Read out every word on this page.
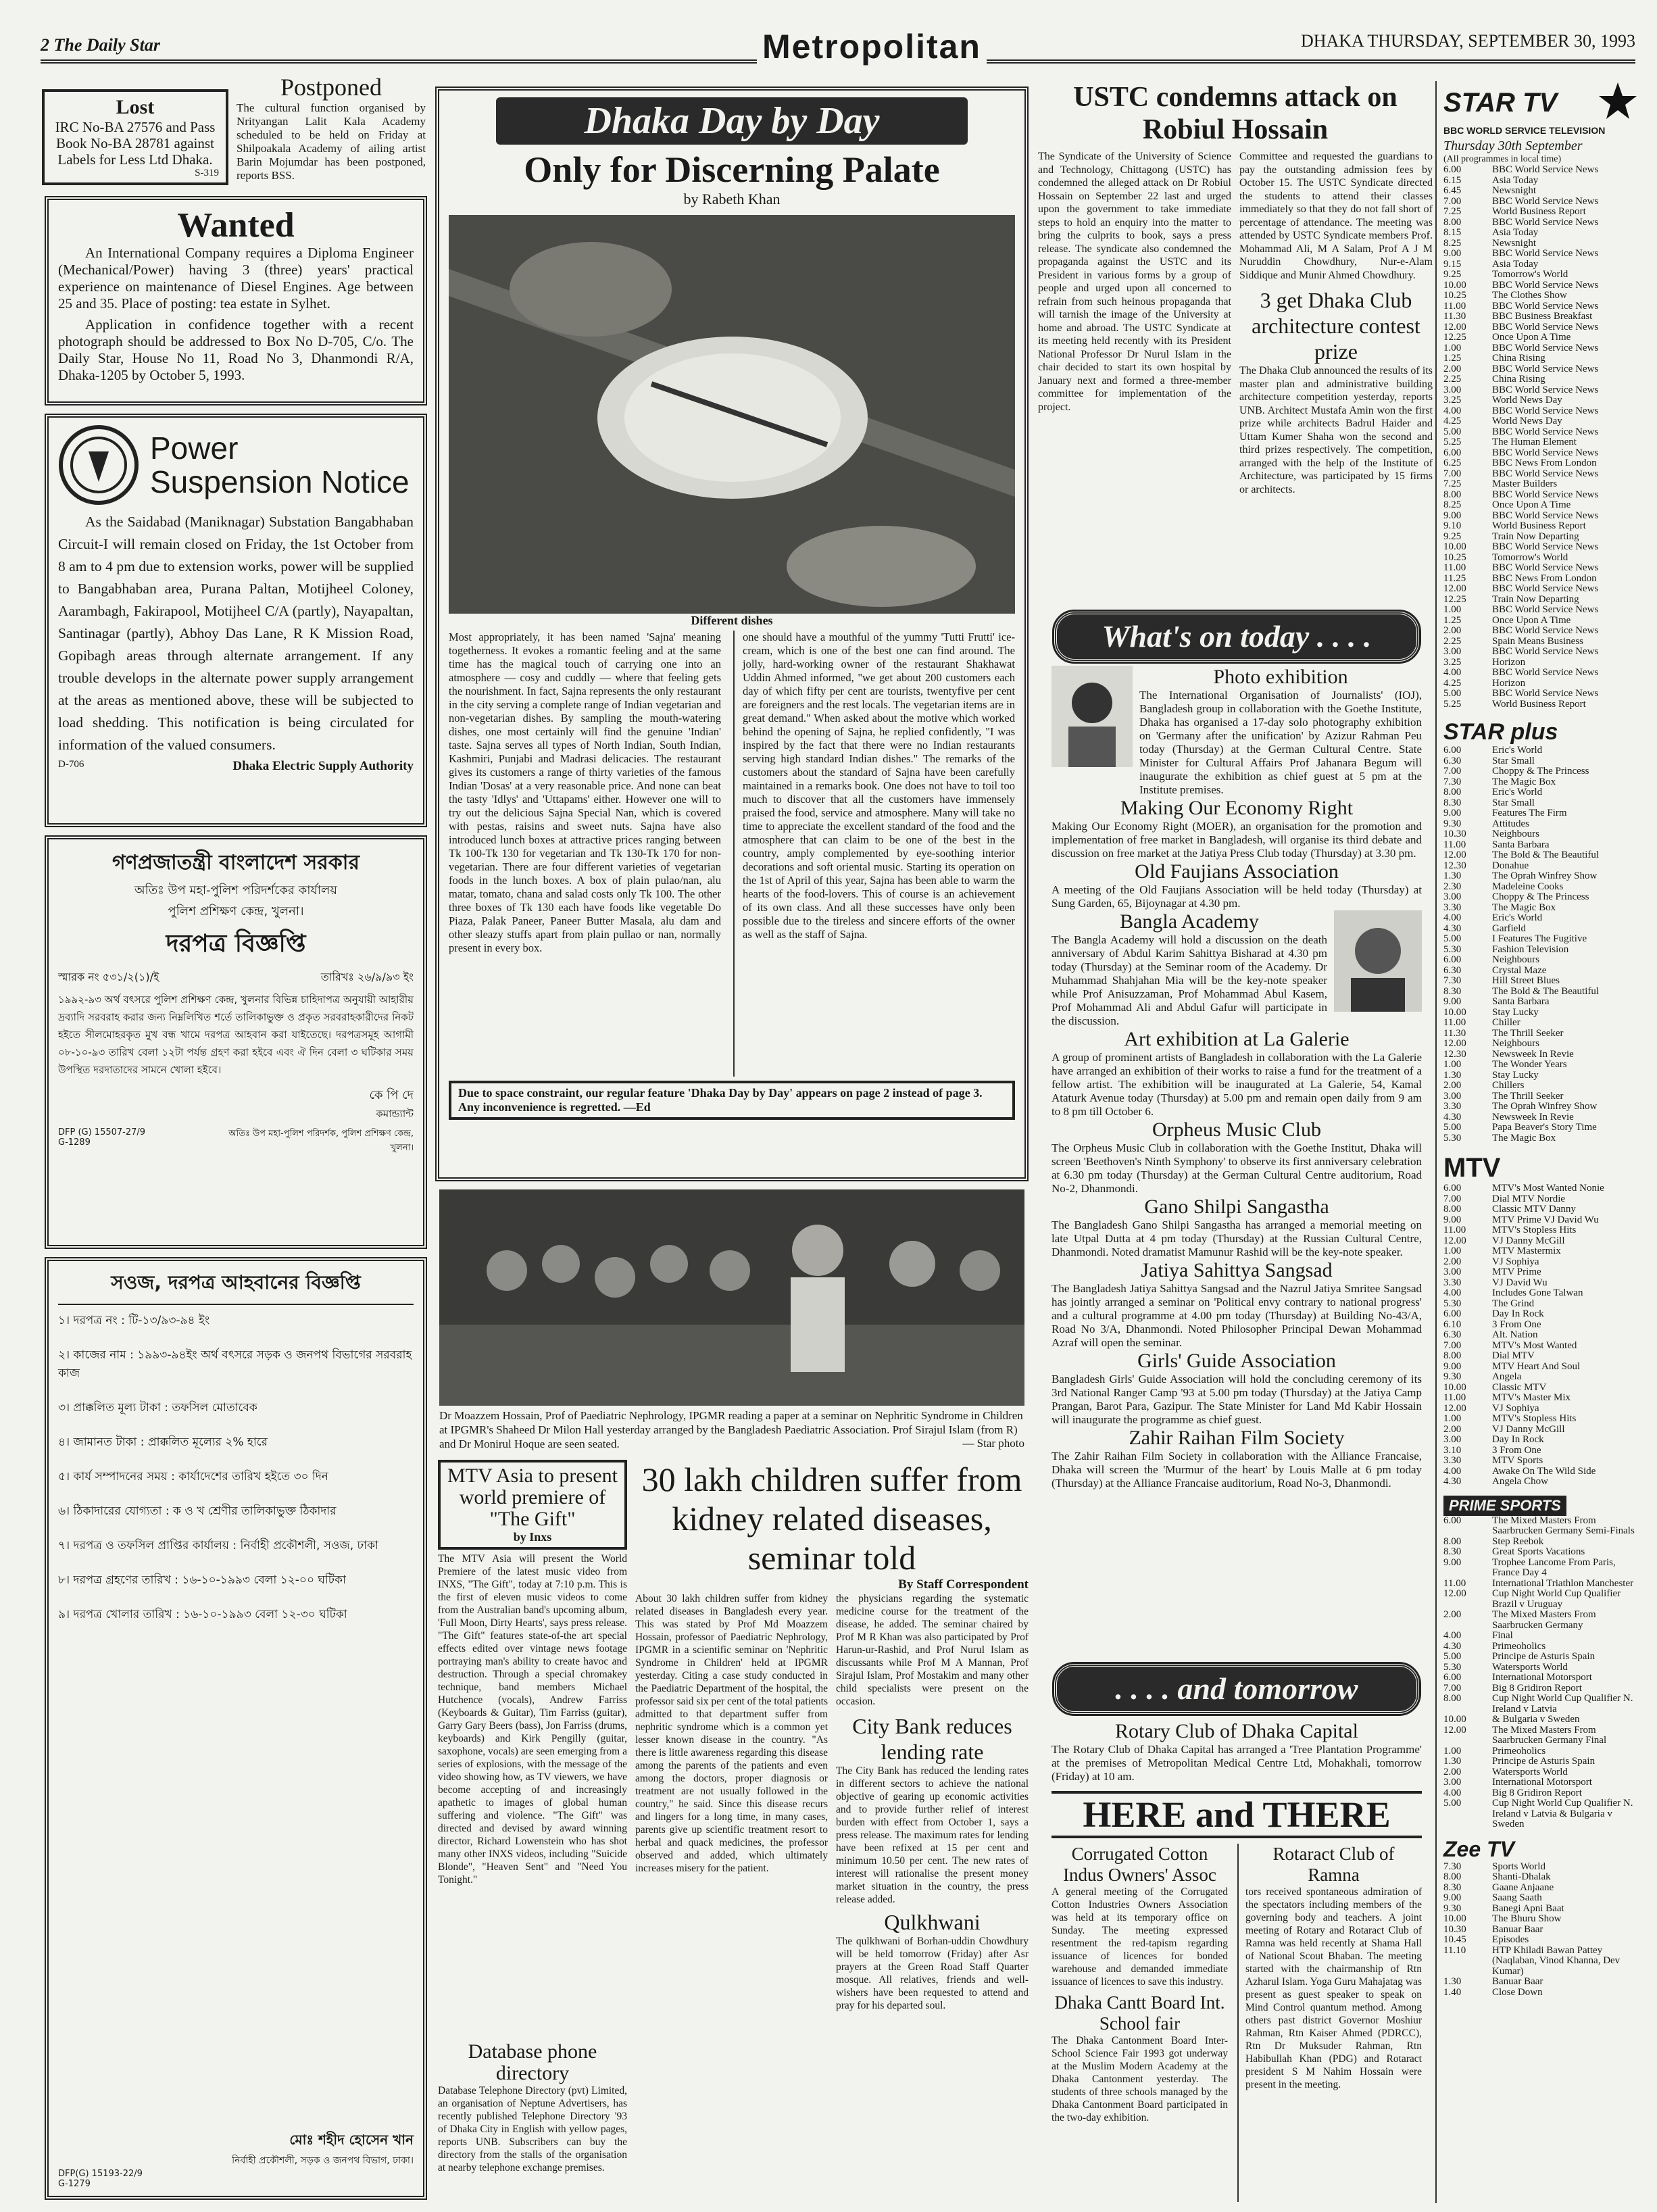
2 The Daily Star	Metropolitan	DHAKA THURSDAY, SEPTEMBER 30, 1993
Lost
IRC No-BA 27576 and Pass Book No-BA 28781 against Labels for Less Ltd Dhaka.
S-319
Postponed
The cultural function organised by Nrityangan Lalit Kala Academy scheduled to be held on Friday at Shilpoakala Academy of ailing artist Barin Mojumdar has been postponed, reports BSS.
Wanted
An International Company requires a Diploma Engineer (Mechanical/Power) having 3 (three) years' practical experience on maintenance of Diesel Engines. Age between 25 and 35. Place of posting: tea estate in Sylhet.
Application in confidence together with a recent photograph should be addressed to Box No D-705, C/o. The Daily Star, House No 11, Road No 3, Dhanmondi R/A, Dhaka-1205 by October 5, 1993.
Power
Suspension Notice
As the Saidabad (Maniknagar) Substation Bangabhaban Circuit-I will remain closed on Friday, the 1st October from 8 am to 4 pm due to extension works, power will be supplied to Bangabhaban area, Purana Paltan, Motijheel Coloney, Aarambagh, Fakirapool, Motijheel C/A (partly), Nayapaltan, Santinagar (partly), Abhoy Das Lane, R K Mission Road, Gopibagh areas through alternate arrangement. If any trouble develops in the alternate power supply arrangement at the areas as mentioned above, these will be subjected to load shedding. This notification is being circulated for information of the valued consumers.
D-706	Dhaka Electric Supply Authority
গণপ্রজাতন্ত্রী বাংলাদেশ সরকার
অতিঃ উপ মহা-পুলিশ পরিদর্শকের কার্যালয়
পুলিশ প্রশিক্ষণ কেন্দ্র, খুলনা।
দরপত্র বিজ্ঞপ্তি
স্মারক নং ৫৩১/২(১)/ই	তারিখঃ ২৬/৯/৯৩ ইং
১৯৯২-৯৩ অর্থ বৎসরে পুলিশ প্রশিক্ষণ কেন্দ্র, খুলনার বিভিন্ন চাহিদাপত্র অনুযায়ী আহারীয় দ্রব্যাদি সরবরাহ করার জন্য নিম্নলিখিত শর্তে তালিকাভুক্ত ও প্রকৃত সরবরাহকারীদের নিকট হইতে সীলমোহরকৃত মুখ বন্ধ খামে দরপত্র আহবান করা যাইতেছে। দরপত্রসমূহ আগামী ০৮-১০-৯৩ তারিখ বেলা ১২টা পর্যন্ত গ্রহণ করা হইবে এবং ঐ দিন বেলা ৩ ঘটিকার সময় উপস্থিত দরদাতাদের সামনে খোলা হইবে।
কে পি দে
কমান্ড্যান্ট
DFP (G) 15507-27/9
G-1289
অতিঃ উপ মহা-পুলিশ পরিদর্শক, পুলিশ প্রশিক্ষণ কেন্দ্র, খুলনা।
সওজ, দরপত্র আহবানের বিজ্ঞপ্তি
১। দরপত্র নং : টি-১৩/৯৩-৯৪ ইং
২। কাজের নাম : ১৯৯৩-৯৪ইং অর্থ বৎসরে সড়ক ও জনপথ বিভাগের সরবরাহ কাজ
৩। প্রাক্কলিত মূল্য টাকা : তফসিল মোতাবেক
৪। জামানত টাকা : প্রাক্কলিত মূল্যের ২% হারে
৫। কার্য সম্পাদনের সময় : কার্যাদেশের তারিখ হইতে ৩০ দিন
৬। ঠিকাদারের যোগ্যতা : ক ও খ শ্রেণীর তালিকাভুক্ত ঠিকাদার
৭। দরপত্র ও তফসিল প্রাপ্তির কার্যালয় : নির্বাহী প্রকৌশলী, সওজ, ঢাকা
৮। দরপত্র গ্রহণের তারিখ : ১৬-১০-১৯৯৩ বেলা ১২-০০ ঘটিকা
৯। দরপত্র খোলার তারিখ : ১৬-১০-১৯৯৩ বেলা ১২-৩০ ঘটিকা
মোঃ শহীদ হোসেন খান
নির্বাহী প্রকৌশলী, সড়ক ও জনপথ বিভাগ, ঢাকা।
DFP(G) 15193-22/9
G-1279
Dhaka Day by Day
Only for Discerning Palate
by Rabeth Khan
Different dishes
Most appropriately, it has been named 'Sajna' meaning togetherness. It evokes a romantic feeling and at the same time has the magical touch of carrying one into an atmosphere — cosy and cuddly — where that feeling gets the nourishment. In fact, Sajna represents the only restaurant in the city serving a complete range of Indian vegetarian and non-vegetarian dishes. By sampling the mouth-watering dishes, one most certainly will find the genuine 'Indian' taste. Sajna serves all types of North Indian, South Indian, Kashmiri, Punjabi and Madrasi delicacies. The restaurant gives its customers a range of thirty varieties of the famous Indian 'Dosas' at a very reasonable price. And none can beat the tasty 'Idlys' and 'Uttapams' either. However one will to try out the delicious Sajna Special Nan, which is covered with pestas, raisins and sweet nuts. Sajna have also introduced lunch boxes at attractive prices ranging between Tk 100-Tk 130 for vegetarian and Tk 130-Tk 170 for non-vegetarian. There are four different varieties of vegetarian foods in the lunch boxes. A box of plain pulao/nan, alu matar, tomato, chana and salad costs only Tk 100. The other three boxes of Tk 130 each have foods like vegetable Do Piaza, Palak Paneer, Paneer Butter Masala, alu dam and other sleazy stuffs apart from plain pullao or nan, normally present in every box.
one should have a mouthful of the yummy 'Tutti Frutti' ice-cream, which is one of the best one can find around. The jolly, hard-working owner of the restaurant Shakhawat Uddin Ahmed informed, "we get about 200 customers each day of which fifty per cent are tourists, twentyfive per cent are foreigners and the rest locals. The vegetarian items are in great demand." When asked about the motive which worked behind the opening of Sajna, he replied confidently, "I was inspired by the fact that there were no Indian restaurants serving high standard Indian dishes." The remarks of the customers about the standard of Sajna have been carefully maintained in a remarks book. One does not have to toil too much to discover that all the customers have immensely praised the food, service and atmosphere. Many will take no time to appreciate the excellent standard of the food and the atmosphere that can claim to be one of the best in the country, amply complemented by eye-soothing interior decorations and soft oriental music. Starting its operation on the 1st of April of this year, Sajna has been able to warm the hearts of the food-lovers. This of course is an achievement of its own class. And all these successes have only been possible due to the tireless and sincere efforts of the owner as well as the staff of Sajna.
Due to space constraint, our regular feature 'Dhaka Day by Day' appears on page 2 instead of page 3. Any inconvenience is regretted. —Ed
Dr Moazzem Hossain, Prof of Paediatric Nephrology, IPGMR reading a paper at a seminar on Nephritic Syndrome in Children at IPGMR's Shaheed Dr Milon Hall yesterday arranged by the Bangladesh Paediatric Association. Prof Sirajul Islam (from R) and Dr Monirul Hoque are seen seated.	— Star photo
MTV Asia to present world premiere of "The Gift"
by Inxs
The MTV Asia will present the World Premiere of the latest music video from INXS, "The Gift", today at 7:10 p.m. This is the first of eleven music videos to come from the Australian band's upcoming album, 'Full Moon, Dirty Hearts', says press release. "The Gift" features state-of-the art special effects edited over vintage news footage portraying man's ability to create havoc and destruction. Through a special chromakey technique, band members Michael Hutchence (vocals), Andrew Farriss (Keyboards & Guitar), Tim Farriss (guitar), Garry Gary Beers (bass), Jon Farriss (drums, keyboards) and Kirk Pengilly (guitar, saxophone, vocals) are seen emerging from a series of explosions, with the message of the video showing how, as TV viewers, we have become accepting of and increasingly apathetic to images of global human suffering and violence. "The Gift" was directed and devised by award winning director, Richard Lowenstein who has shot many other INXS videos, including "Suicide Blonde", "Heaven Sent" and "Need You Tonight."
Database phone directory
Database Telephone Directory (pvt) Limited, an organisation of Neptune Advertisers, has recently published Telephone Directory '93 of Dhaka City in English with yellow pages, reports UNB. Subscribers can buy the directory from the stalls of the organisation at nearby telephone exchange premises.
30 lakh children suffer from kidney related diseases, seminar told
By Staff Correspondent
About 30 lakh children suffer from kidney related diseases in Bangladesh every year. This was stated by Prof Md Moazzem Hossain, professor of Paediatric Nephrology, IPGMR in a scientific seminar on 'Nephritic Syndrome in Children' held at IPGMR yesterday. Citing a case study conducted in the Paediatric Department of the hospital, the professor said six per cent of the total patients admitted to that department suffer from nephritic syndrome which is a common yet lesser known disease in the country. "As there is little awareness regarding this disease among the parents of the patients and even among the doctors, proper diagnosis or treatment are not usually followed in the country," he said. Since this disease recurs and lingers for a long time, in many cases, parents give up scientific treatment resort to herbal and quack medicines, the professor observed and added, which ultimately increases misery for the patient.
the physicians regarding the systematic medicine course for the treatment of the disease, he added. The seminar chaired by Prof M R Khan was also participated by Prof Harun-ur-Rashid, and Prof Nurul Islam as discussants while Prof M A Mannan, Prof Sirajul Islam, Prof Mostakim and many other child specialists were present on the occasion.
City Bank reduces lending rate
The City Bank has reduced the lending rates in different sectors to achieve the national objective of gearing up economic activities and to provide further relief of interest burden with effect from October 1, says a press release. The maximum rates for lending have been refixed at 15 per cent and minimum 10.50 per cent. The new rates of interest will rationalise the present money market situation in the country, the press release added.
Qulkhwani
The qulkhwani of Borhan-uddin Chowdhury will be held tomorrow (Friday) after Asr prayers at the Green Road Staff Quarter mosque. All relatives, friends and well-wishers have been requested to attend and pray for his departed soul.
USTC condemns attack on Robiul Hossain
The Syndicate of the University of Science and Technology, Chittagong (USTC) has condemned the alleged attack on Dr Robiul Hossain on September 22 last and urged upon the government to take immediate steps to hold an enquiry into the matter to bring the culprits to book, says a press release. The syndicate also condemned the propaganda against the USTC and its President in various forms by a group of people and urged upon all concerned to refrain from such heinous propaganda that will tarnish the image of the University at home and abroad. The USTC Syndicate at its meeting held recently with its President National Professor Dr Nurul Islam in the chair decided to start its own hospital by January next and formed a three-member committee for implementation of the project.
Committee and requested the guardians to pay the outstanding admission fees by October 15. The USTC Syndicate directed the students to attend their classes immediately so that they do not fall short of percentage of attendance. The meeting was attended by USTC Syndicate members Prof. Mohammad Ali, M A Salam, Prof A J M Nuruddin Chowdhury, Nur-e-Alam Siddique and Munir Ahmed Chowdhury.
3 get Dhaka Club architecture contest prize
The Dhaka Club announced the results of its master plan and administrative building architecture competition yesterday, reports UNB. Architect Mustafa Amin won the first prize while architects Badrul Haider and Uttam Kumer Shaha won the second and third prizes respectively. The competition, arranged with the help of the Institute of Architecture, was participated by 15 firms or architects.
What's on today . . . .
Photo exhibition
The International Organisation of Journalists' (IOJ), Bangladesh group in collaboration with the Goethe Institute, Dhaka has organised a 17-day solo photography exhibition on 'Germany after the unification' by Azizur Rahman Peu today (Thursday) at the German Cultural Centre. State Minister for Cultural Affairs Prof Jahanara Begum will inaugurate the exhibition as chief guest at 5 pm at the Institute premises.
Making Our Economy Right
Making Our Economy Right (MOER), an organisation for the promotion and implementation of free market in Bangladesh, will organise its third debate and discussion on free market at the Jatiya Press Club today (Thursday) at 3.30 pm.
Old Faujians Association
A meeting of the Old Faujians Association will be held today (Thursday) at Sung Garden, 65, Bijoynagar at 4.30 pm.
Bangla Academy
The Bangla Academy will hold a discussion on the death anniversary of Abdul Karim Sahittya Bisharad at 4.30 pm today (Thursday) at the Seminar room of the Academy. Dr Muhammad Shahjahan Mia will be the key-note speaker while Prof Anisuzzaman, Prof Mohammad Abul Kasem, Prof Mohammad Ali and Abdul Gafur will participate in the discussion.
Art exhibition at La Galerie
A group of prominent artists of Bangladesh in collaboration with the La Galerie have arranged an exhibition of their works to raise a fund for the treatment of a fellow artist. The exhibition will be inaugurated at La Galerie, 54, Kamal Ataturk Avenue today (Thursday) at 5.00 pm and remain open daily from 9 am to 8 pm till October 6.
Orpheus Music Club
The Orpheus Music Club in collaboration with the Goethe Institut, Dhaka will screen 'Beethoven's Ninth Symphony' to observe its first anniversary celebration at 6.30 pm today (Thursday) at the German Cultural Centre auditorium, Road No-2, Dhanmondi.
Gano Shilpi Sangastha
The Bangladesh Gano Shilpi Sangastha has arranged a memorial meeting on late Utpal Dutta at 4 pm today (Thursday) at the Russian Cultural Centre, Dhanmondi. Noted dramatist Mamunur Rashid will be the key-note speaker.
Jatiya Sahittya Sangsad
The Bangladesh Jatiya Sahittya Sangsad and the Nazrul Jatiya Smritee Sangsad has jointly arranged a seminar on 'Political envy contrary to national progress' and a cultural programme at 4.00 pm today (Thursday) at Building No-43/A, Road No 3/A, Dhanmondi. Noted Philosopher Principal Dewan Mohammad Azraf will open the seminar.
Girls' Guide Association
Bangladesh Girls' Guide Association will hold the concluding ceremony of its 3rd National Ranger Camp '93 at 5.00 pm today (Thursday) at the Jatiya Camp Prangan, Barot Para, Gazipur. The State Minister for Land Md Kabir Hossain will inaugurate the programme as chief guest.
Zahir Raihan Film Society
The Zahir Raihan Film Society in collaboration with the Alliance Francaise, Dhaka will screen the 'Murmur of the heart' by Louis Malle at 6 pm today (Thursday) at the Alliance Francaise auditorium, Road No-3, Dhanmondi.
. . . . and tomorrow
Rotary Club of Dhaka Capital
The Rotary Club of Dhaka Capital has arranged a 'Tree Plantation Programme' at the premises of Metropolitan Medical Centre Ltd, Mohakhali, tomorrow (Friday) at 10 am.
HERE and THERE
Corrugated Cotton Indus Owners' Assoc
A general meeting of the Corrugated Cotton Industries Owners Association was held at its temporary office on Sunday. The meeting expressed resentment the red-tapism regarding issuance of licences for bonded warehouse and demanded immediate issuance of licences to save this industry.
Dhaka Cantt Board Int. School fair
The Dhaka Cantonment Board Inter-School Science Fair 1993 got underway at the Muslim Modern Academy at the Dhaka Cantonment yesterday. The students of three schools managed by the Dhaka Cantonment Board participated in the two-day exhibition.
Rotaract Club of Ramna
tors received spontaneous admiration of the spectators including members of the governing body and teachers. A joint meeting of Rotary and Rotaract Club of Ramna was held recently at Shama Hall of National Scout Bhaban. The meeting started with the chairmanship of Rtn Azharul Islam. Yoga Guru Mahajatag was present as guest speaker to speak on Mind Control quantum method. Among others past district Governor Moshiur Rahman, Rtn Kaiser Ahmed (PDRCC), Rtn Dr Muksuder Rahman, Rtn Habibullah Khan (PDG) and Rotaract president S M Nahim Hossain were present in the meeting.
STAR TV
BBC WORLD SERVICE TELEVISION
Thursday 30th September
(All programmes in local time)
6.00	BBC World Service News
6.15	Asia Today
6.45	Newsnight
7.00	BBC World Service News
7.25	World Business Report
8.00	BBC World Service News
8.15	Asia Today
8.25	Newsnight
9.00	BBC World Service News
9.15	Asia Today
9.25	Tomorrow's World
10.00	BBC World Service News
10.25	The Clothes Show
11.00	BBC World Service News
11.30	BBC Business Breakfast
12.00	BBC World Service News
12.25	Once Upon A Time
1.00	BBC World Service News
1.25	China Rising
2.00	BBC World Service News
2.25	China Rising
3.00	BBC World Service News
3.25	World News Day
4.00	BBC World Service News
4.25	World News Day
5.00	BBC World Service News
5.25	The Human Element
6.00	BBC World Service News
6.25	BBC News From London
7.00	BBC World Service News
7.25	Master Builders
8.00	BBC World Service News
8.25	Once Upon A Time
9.00	BBC World Service News
9.10	World Business Report
9.25	Train Now Departing
10.00	BBC World Service News
10.25	Tomorrow's World
11.00	BBC World Service News
11.25	BBC News From London
12.00	BBC World Service News
12.25	Train Now Departing
1.00	BBC World Service News
1.25	Once Upon A Time
2.00	BBC World Service News
2.25	Spain Means Business
3.00	BBC World Service News
3.25	Horizon
4.00	BBC World Service News
4.25	Horizon
5.00	BBC World Service News
5.25	World Business Report
STAR plus
6.00	Eric's World
6.30	Star Small
7.00	Choppy & The Princess
7.30	The Magic Box
8.00	Eric's World
8.30	Star Small
9.00	Features The Firm
9.30	Attitudes
10.30	Neighbours
11.00	Santa Barbara
12.00	The Bold & The Beautiful
12.30	Donahue
1.30	The Oprah Winfrey Show
2.30	Madeleine Cooks
3.00	Choppy & The Princess
3.30	The Magic Box
4.00	Eric's World
4.30	Garfield
5.00	I Features The Fugitive
5.30	Fashion Television
6.00	Neighbours
6.30	Crystal Maze
7.30	Hill Street Blues
8.30	The Bold & The Beautiful
9.00	Santa Barbara
10.00	Stay Lucky
11.00	Chiller
11.30	The Thrill Seeker
12.00	Neighbours
12.30	Newsweek In Revie
1.00	The Wonder Years
1.30	Stay Lucky
2.00	Chillers
3.00	The Thrill Seeker
3.30	The Oprah Winfrey Show
4.30	Newsweek In Revie
5.00	Papa Beaver's Story Time
5.30	The Magic Box
MTV
6.00	MTV's Most Wanted Nonie
7.00	Dial MTV Nordie
8.00	Classic MTV Danny
9.00	MTV Prime VJ David Wu
11.00	MTV's Stopless Hits
12.00	VJ Danny McGill
1.00	MTV Mastermix
2.00	VJ Sophiya
3.00	MTV Prime
3.30	VJ David Wu
4.00	Includes Gone Talwan
5.30	The Grind
6.00	Day In Rock
6.10	3 From One
6.30	Alt. Nation
7.00	MTV's Most Wanted
8.00	Dial MTV
9.00	MTV Heart And Soul
9.30	Angela
10.00	Classic MTV
11.00	MTV's Master Mix
12.00	VJ Sophiya
1.00	MTV's Stopless Hits
2.00	VJ Danny McGill
3.00	Day In Rock
3.10	3 From One
3.30	MTV Sports
4.00	Awake On The Wild Side
4.30	Angela Chow
PRIME SPORTS
6.00	The Mixed Masters From Saarbrucken Germany Semi-Finals
8.00	Step Reebok
8.30	Great Sports Vacations
9.00	Trophee Lancome From Paris, France Day 4
11.00	International Triathlon Manchester
12.00	Cup Night World Cup Qualifier Brazil v Uruguay
2.00	The Mixed Masters From Saarbrucken Germany
4.00	Final
4.30	Primeoholics
5.00	Principe de Asturis Spain
5.30	Watersports World
6.00	International Motorsport
7.00	Big 8 Gridiron Report
8.00	Cup Night World Cup Qualifier N. Ireland v Latvia
10.00	& Bulgaria v Sweden
12.00	The Mixed Masters From Saarbrucken Germany Final
1.00	Primeoholics
1.30	Principe de Asturis Spain
2.00	Watersports World
3.00	International Motorsport
4.00	Big 8 Gridiron Report
5.00	Cup Night World Cup Qualifier N. Ireland v Latvia & Bulgaria v Sweden
Zee TV
7.30	Sports World
8.00	Shanti-Dhalak
8.30	Gaane Anjaane
9.00	Saang Saath
9.30	Banegi Apni Baat
10.00	The Bhuru Show
10.30	Banuar Baar
10.45	Episodes
11.10	HTP Khiladi Bawan Pattey (Naqlaban, Vinod Khanna, Dev Kumar)
1.30	Banuar Baar
1.40	Close Down
